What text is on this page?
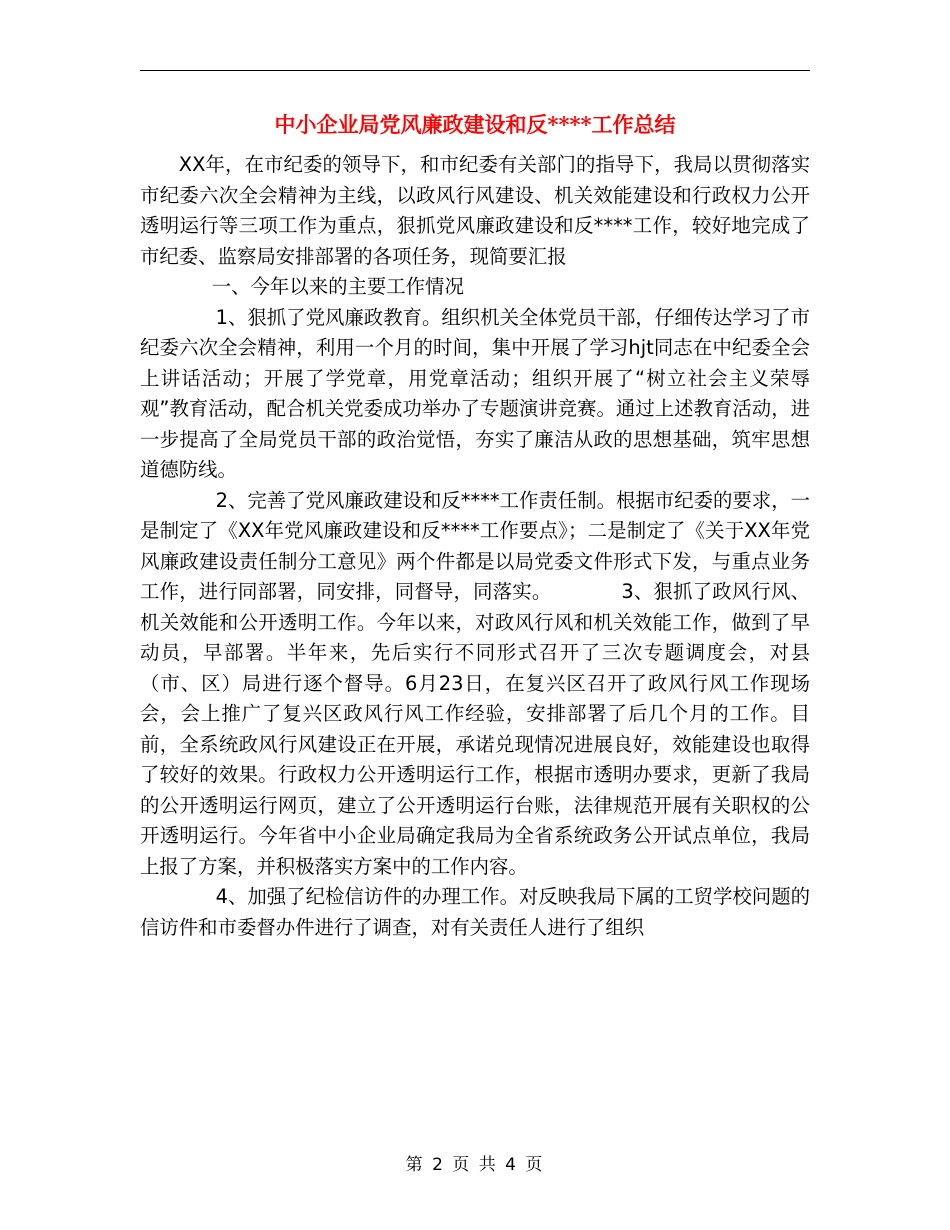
中小企业局党风廉政建设和反****工作总结

XX年，在市纪委的领导下，和市纪委有关部门的指导下，我局以贯彻落实市纪委六次全会精神为主线，以政风行风建设、机关效能建设和行政权力公开透明运行等三项工作为重点，狠抓党风廉政建设和反****工作，较好地完成了市纪委、监察局安排部署的各项任务，现简要汇报

一、今年以来的主要工作情况

1、狠抓了党风廉政教育。组织机关全体党员干部，仔细传达学习了市纪委六次全会精神，利用一个月的时间，集中开展了学习hjt同志在中纪委全会上讲话活动；开展了学党章，用党章活动；组织开展了“树立社会主义荣辱观”教育活动，配合机关党委成功举办了专题演讲竞赛。通过上述教育活动，进一步提高了全局党员干部的政治觉悟，夯实了廉洁从政的思想基础，筑牢思想道德防线。

2、完善了党风廉政建设和反****工作责任制。根据市纪委的要求，一是制定了《XX年党风廉政建设和反****工作要点》；二是制定了《关于XX年党风廉政建设责任制分工意见》两个件都是以局党委文件形式下发，与重点业务工作，进行同部署，同安排，同督导，同落实。	3、狠抓了政风行风、机关效能和公开透明工作。今年以来，对政风行风和机关效能工作，做到了早动员，早部署。半年来，先后实行不同形式召开了三次专题调度会，对县（市、区）局进行逐个督导。6月23日，在复兴区召开了政风行风工作现场会，会上推广了复兴区政风行风工作经验，安排部署了后几个月的工作。目前，全系统政风行风建设正在开展，承诺兑现情况进展良好，效能建设也取得了较好的效果。行政权力公开透明运行工作，根据市透明办要求，更新了我局的公开透明运行网页，建立了公开透明运行台账，法律规范开展有关职权的公开透明运行。今年省中小企业局确定我局为全省系统政务公开试点单位，我局上报了方案，并积极落实方案中的工作内容。

4、加强了纪检信访件的办理工作。对反映我局下属的工贸学校问题的信访件和市委督办件进行了调查，对有关责任人进行了组织

第 2 页 共 4 页
